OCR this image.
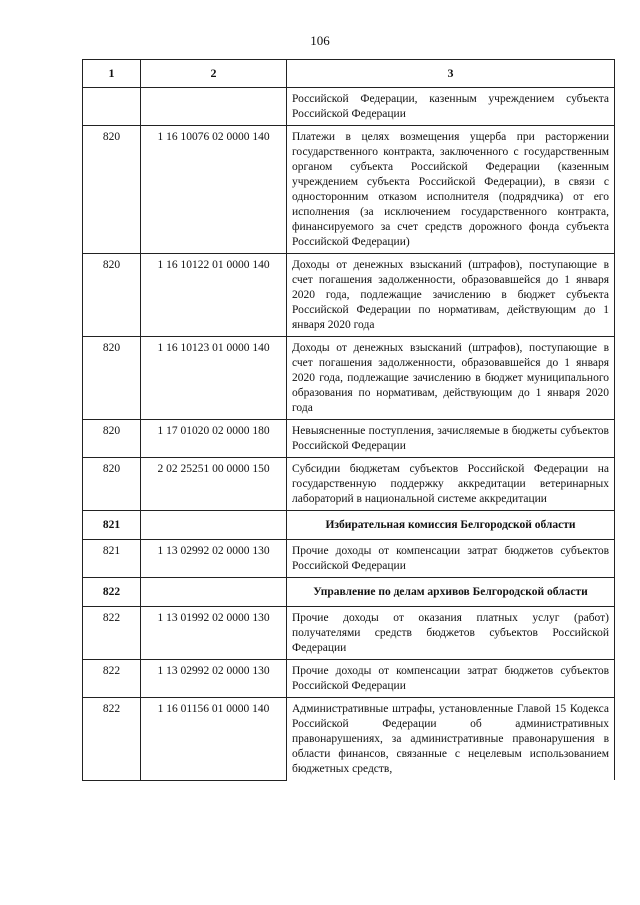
106
1	2	3
		Российской Федерации, казенным учреждением субъекта Российской Федерации
820	1 16 10076 02 0000 140	Платежи в целях возмещения ущерба при расторжении государственного контракта, заключенного с государственным органом субъекта Российской Федерации (казенным учреждением субъекта Российской Федерации), в связи с односторонним отказом исполнителя (подрядчика) от его исполнения (за исключением государственного контракта, финансируемого за счет средств дорожного фонда субъекта Российской Федерации)
820	1 16 10122 01 0000 140	Доходы от денежных взысканий (штрафов), поступающие в счет погашения задолженности, образовавшейся до 1 января 2020 года, подлежащие зачислению в бюджет субъекта Российской Федерации по нормативам, действующим до 1 января 2020 года
820	1 16 10123 01 0000 140	Доходы от денежных взысканий (штрафов), поступающие в счет погашения задолженности, образовавшейся до 1 января 2020 года, подлежащие зачислению в бюджет муниципального образования по нормативам, действующим до 1 января 2020 года
820	1 17 01020 02 0000 180	Невыясненные поступления, зачисляемые в бюджеты субъектов Российской Федерации
820	2 02 25251 00 0000 150	Субсидии бюджетам субъектов Российской Федерации на государственную поддержку аккредитации ветеринарных лабораторий в национальной системе аккредитации
821		Избирательная комиссия Белгородской области
821	1 13 02992 02 0000 130	Прочие доходы от компенсации затрат бюджетов субъектов Российской Федерации
822		Управление по делам архивов Белгородской области
822	1 13 01992 02 0000 130	Прочие доходы от оказания платных услуг (работ) получателями средств бюджетов субъектов Российской Федерации
822	1 13 02992 02 0000 130	Прочие доходы от компенсации затрат бюджетов субъектов Российской Федерации
822	1 16 01156 01 0000 140	Административные штрафы, установленные Главой 15 Кодекса Российской Федерации об административных правонарушениях, за административные правонарушения в области финансов, связанные с нецелевым использованием бюджетных средств,
